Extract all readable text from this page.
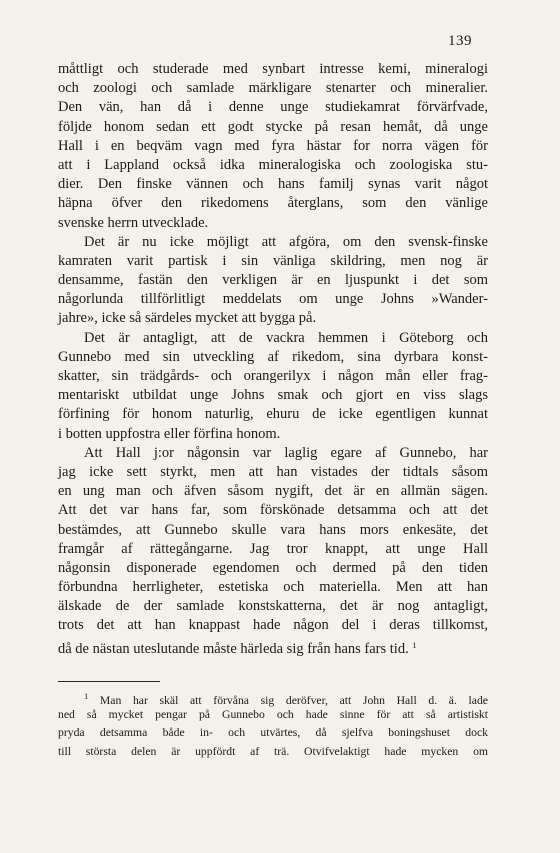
139
måttligt och studerade med synbart intresse kemi, mineralogi
och zoologi och samlade märkligare stenarter och mineralier.
Den vän, han då i denne unge studiekamrat förvärfvade,
följde honom sedan ett godt stycke på resan hemåt, då unge
Hall i en beqväm vagn med fyra hästar for norra vägen för
att i Lappland också idka mineralogiska och zoologiska stu-
dier. Den finske vännen och hans familj synas varit något
häpna öfver den rikedomens återglans, som den vänlige
svenske herrn utvecklade.
Det är nu icke möjligt att afgöra, om den svensk-finske
kamraten varit partisk i sin vänliga skildring, men nog är
densamme, fastän den verkligen är en ljuspunkt i det som
någorlunda tillförlitligt meddelats om unge Johns »Wander-
jahre», icke så särdeles mycket att bygga på.
Det är antagligt, att de vackra hemmen i Göteborg och
Gunnebo med sin utveckling af rikedom, sina dyrbara konst-
skatter, sin trädgårds- och orangerilyx i någon mån eller frag-
mentariskt utbildat unge Johns smak och gjort en viss slags
förfining för honom naturlig, ehuru de icke egentligen kunnat
i botten uppfostra eller förfina honom.
Att Hall j:or någonsin var laglig egare af Gunnebo, har
jag icke sett styrkt, men att han vistades der tidtals såsom
en ung man och äfven såsom nygift, det är en allmän sägen.
Att det var hans far, som förskönade detsamma och att det
bestämdes, att Gunnebo skulle vara hans mors enkesäte, det
framgår af rättegångarne. Jag tror knappt, att unge Hall
någonsin disponerade egendomen och dermed på den tiden
förbundna herrligheter, estetiska och materiella. Men att han
älskade de der samlade konstskatterna, det är nog antagligt,
trots det att han knappast hade någon del i deras tillkomst,
då de nästan uteslutande måste härleda sig från hans fars tid. $^1$
$^1$ Man har skäl att förvåna sig deröfver, att John Hall d. ä. lade
ned så mycket pengar på Gunnebo och hade sinne för att så artistiskt
pryda detsamma både in- och utvärtes, då sjelfva boningshuset dock
till största delen är uppfördt af trä. Otvifvelaktigt hade mycken om
